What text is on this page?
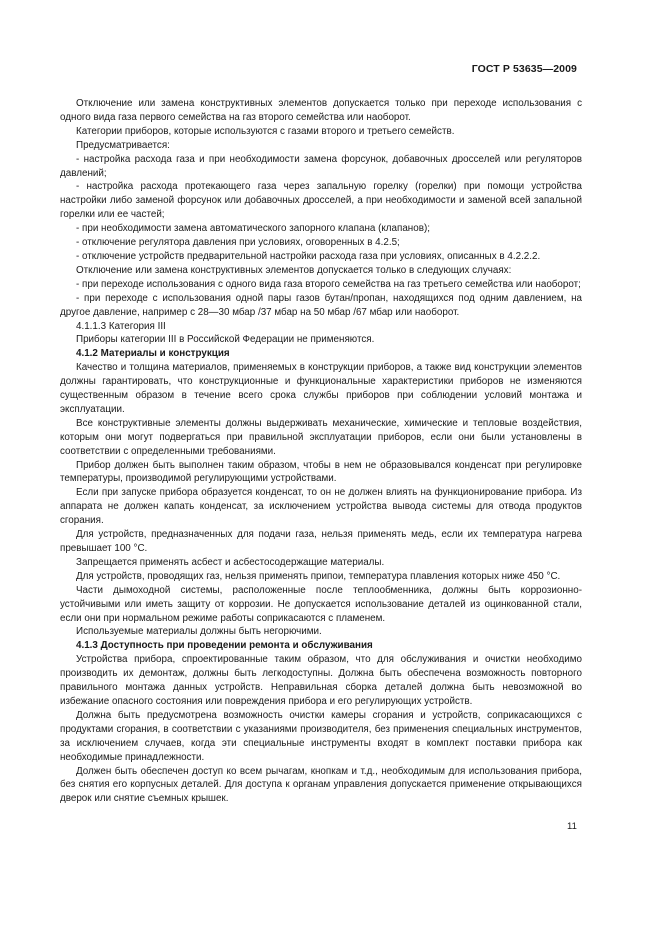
ГОСТ Р 53635—2009

Отключение или замена конструктивных элементов допускается только при переходе использования с одного вида газа первого семейства на газ второго семейства или наоборот.

Категории приборов, которые используются с газами второго и третьего семейств.

Предусматривается:

- настройка расхода газа и при необходимости замена форсунок, добавочных дросселей или регуляторов давлений;

- настройка расхода протекающего газа через запальную горелку (горелки) при помощи устройства настройки либо заменой форсунок или добавочных дросселей, а при необходимости и заменой всей запальной горелки или ее частей;

- при необходимости замена автоматического запорного клапана (клапанов);

- отключение регулятора давления при условиях, оговоренных в 4.2.5;

- отключение устройств предварительной настройки расхода газа при условиях, описанных в 4.2.2.2.

Отключение или замена конструктивных элементов допускается только в следующих случаях:

- при переходе использования с одного вида газа второго семейства на газ третьего семейства или наоборот;

- при переходе с использования одной пары газов бутан/пропан, находящихся под одним давлением, на другое давление, например с 28—30 мбар /37 мбар на 50 мбар /67 мбар или наоборот.

4.1.1.3 Категория III

Приборы категории III в Российской Федерации не применяются.

4.1.2 Материалы и конструкция

Качество и толщина материалов, применяемых в конструкции приборов, а также вид конструкции элементов должны гарантировать, что конструкционные и функциональные характеристики приборов не изменяются существенным образом в течение всего срока службы приборов при соблюдении условий монтажа и эксплуатации.

Все конструктивные элементы должны выдерживать механические, химические и тепловые воздействия, которым они могут подвергаться при правильной эксплуатации приборов, если они были установлены в соответствии с определенными требованиями.

Прибор должен быть выполнен таким образом, чтобы в нем не образовывался конденсат при регулировке температуры, производимой регулирующими устройствами.

Если при запуске прибора образуется конденсат, то он не должен влиять на функционирование прибора. Из аппарата не должен капать конденсат, за исключением устройства вывода системы для отвода продуктов сгорания.

Для устройств, предназначенных для подачи газа, нельзя применять медь, если их температура нагрева превышает 100 °С.

Запрещается применять асбест и асбестосодержащие материалы.

Для устройств, проводящих газ, нельзя применять припои, температура плавления которых ниже 450 °С.

Части дымоходной системы, расположенные после теплообменника, должны быть коррозионно-устойчивыми или иметь защиту от коррозии. Не допускается использование деталей из оцинкованной стали, если они при нормальном режиме работы соприкасаются с пламенем.

Используемые материалы должны быть негорючими.

4.1.3 Доступность при проведении ремонта и обслуживания

Устройства прибора, спроектированные таким образом, что для обслуживания и очистки необходимо производить их демонтаж, должны быть легкодоступны. Должна быть обеспечена возможность повторного правильного монтажа данных устройств. Неправильная сборка деталей должна быть невозможной во избежание опасного состояния или повреждения прибора и его регулирующих устройств.

Должна быть предусмотрена возможность очистки камеры сгорания и устройств, соприкасающихся с продуктами сгорания, в соответствии с указаниями производителя, без применения специальных инструментов, за исключением случаев, когда эти специальные инструменты входят в комплект поставки прибора как необходимые принадлежности.

Должен быть обеспечен доступ ко всем рычагам, кнопкам и т.д., необходимым для использования прибора, без снятия его корпусных деталей. Для доступа к органам управления допускается применение открывающихся дверок или снятие съемных крышек.

11
